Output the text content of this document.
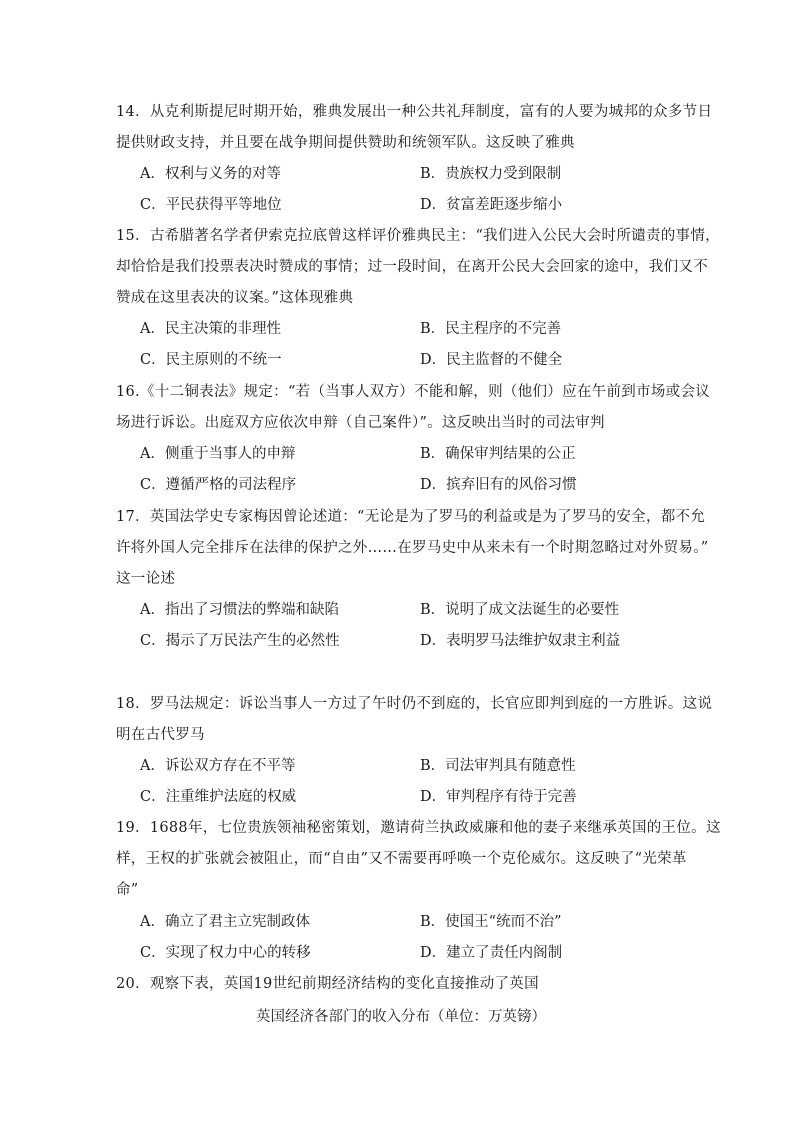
14．从克利斯提尼时期开始，雅典发展出一种公共礼拜制度，富有的人要为城邦的众多节日
提供财政支持，并且要在战争期间提供赞助和统领军队。这反映了雅典
A．权利与义务的对等	B．贵族权力受到限制
C．平民获得平等地位	D．贫富差距逐步缩小
15．古希腊著名学者伊索克拉底曾这样评价雅典民主：“我们进入公民大会时所谴责的事情，
却恰恰是我们投票表决时赞成的事情；过一段时间，在离开公民大会回家的途中，我们又不
赞成在这里表决的议案。”这体现雅典
A．民主决策的非理性	B．民主程序的不完善
C．民主原则的不统一	D．民主监督的不健全
16.《十二铜表法》规定：“若（当事人双方）不能和解，则（他们）应在午前到市场或会议
场进行诉讼。出庭双方应依次申辩（自己案件）”。这反映出当时的司法审判
A．侧重于当事人的申辩	B．确保审判结果的公正
C．遵循严格的司法程序	D．摈弃旧有的风俗习惯
17．英国法学史专家梅因曾论述道：“无论是为了罗马的利益或是为了罗马的安全，都不允
许将外国人完全排斥在法律的保护之外……在罗马史中从来未有一个时期忽略过对外贸易。”
这一论述
A．指出了习惯法的弊端和缺陷	B．说明了成文法诞生的必要性
C．揭示了万民法产生的必然性	D．表明罗马法维护奴隶主利益
18．罗马法规定：诉讼当事人一方过了午时仍不到庭的，长官应即判到庭的一方胜诉。这说
明在古代罗马
A．诉讼双方存在不平等	B．司法审判具有随意性
C．注重维护法庭的权威	D．审判程序有待于完善
19．1688年，七位贵族领袖秘密策划，邀请荷兰执政威廉和他的妻子来继承英国的王位。这
样，王权的扩张就会被阻止，而“自由”又不需要再呼唤一个克伦威尔。这反映了“光荣革
命”
A．确立了君主立宪制政体	B．使国王“统而不治”
C．实现了权力中心的转移	D．建立了责任内阁制
20．观察下表，英国19世纪前期经济结构的变化直接推动了英国
英国经济各部门的收入分布（单位：万英镑）
